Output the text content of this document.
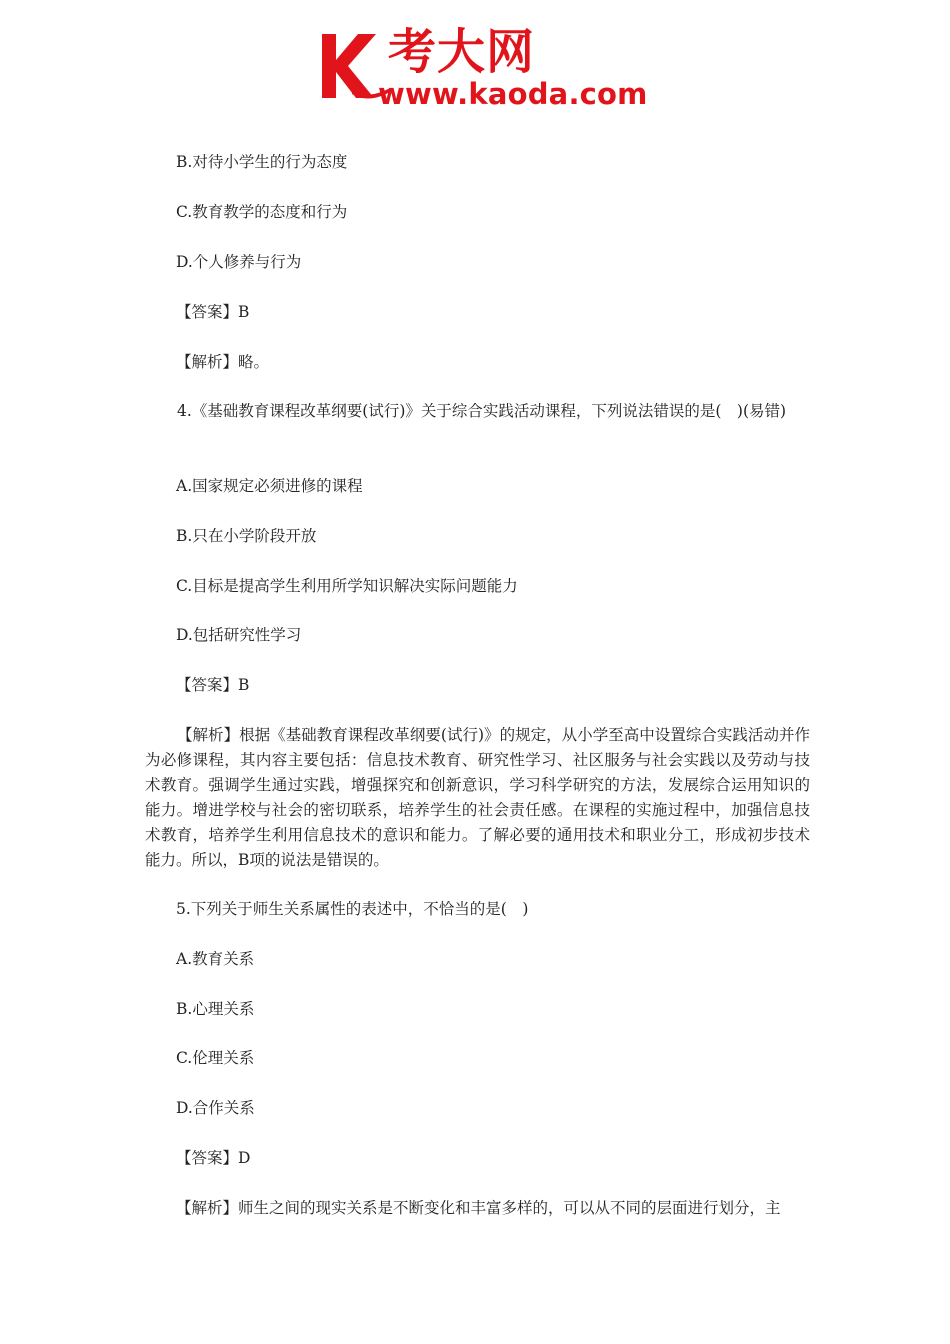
考大网
www.kaoda.com
B.对待小学生的行为态度
C.教育教学的态度和行为
D.个人修养与行为
【答案】B
【解析】略。
4.《基础教育课程改革纲要(试行)》关于综合实践活动课程，下列说法错误的是(　)(易错)
A.国家规定必须进修的课程
B.只在小学阶段开放
C.目标是提高学生利用所学知识解决实际问题能力
D.包括研究性学习
【答案】B
【解析】根据《基础教育课程改革纲要(试行)》的规定，从小学至高中设置综合实践活动并作为必修课程，其内容主要包括：信息技术教育、研究性学习、社区服务与社会实践以及劳动与技术教育。强调学生通过实践，增强探究和创新意识，学习科学研究的方法，发展综合运用知识的能力。增进学校与社会的密切联系，培养学生的社会责任感。在课程的实施过程中，加强信息技术教育，培养学生利用信息技术的意识和能力。了解必要的通用技术和职业分工，形成初步技术能力。所以，B项的说法是错误的。
5.下列关于师生关系属性的表述中，不恰当的是(　)
A.教育关系
B.心理关系
C.伦理关系
D.合作关系
【答案】D
【解析】师生之间的现实关系是不断变化和丰富多样的，可以从不同的层面进行划分，主
